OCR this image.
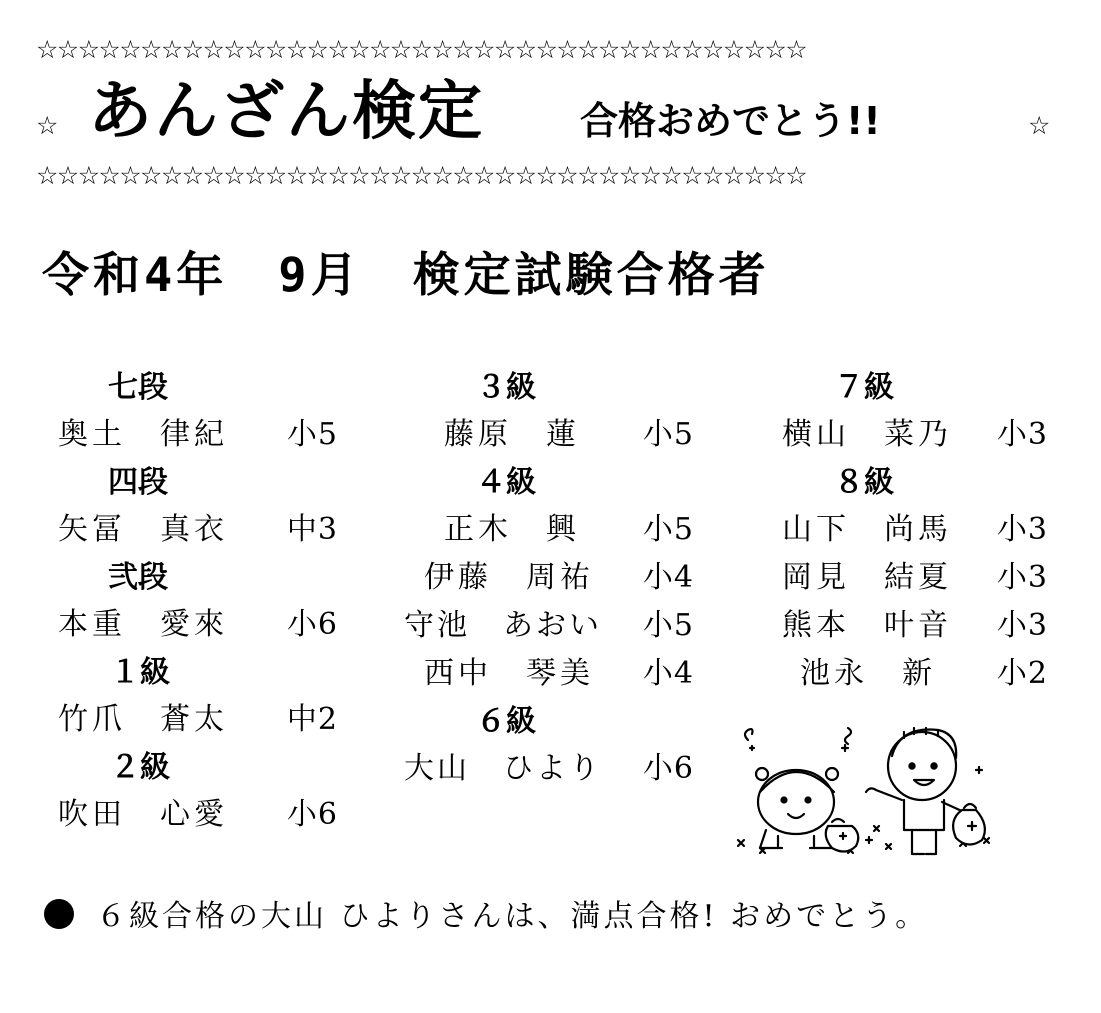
☆☆☆☆☆☆☆☆☆☆☆☆☆☆☆☆☆☆☆☆☆☆☆☆☆☆☆☆☆☆☆☆☆☆☆☆☆
☆ あんざん検定	合格おめでとう!!	☆
☆☆☆☆☆☆☆☆☆☆☆☆☆☆☆☆☆☆☆☆☆☆☆☆☆☆☆☆☆☆☆☆☆☆☆☆☆
令和4年　9月　検定試験合格者
七段
奥土　律紀 小5
四段
矢冨　真衣 中3
弐段
本重　愛來 小6
１級
竹爪　蒼太 中2
２級
吹田　心愛 小6
３級
藤原　蓮 小5
４級
正木　興 小5
伊藤　周祐 小4
守池　あおい 小5
西中　琴美 小4
６級
大山　ひより 小6
７級
横山　菜乃 小3
８級
山下　尚馬 小3
岡見　結夏 小3
熊本　叶音 小3
池永　新 小2
６級合格の大山 ひよりさんは、満点合格! おめでとう。
